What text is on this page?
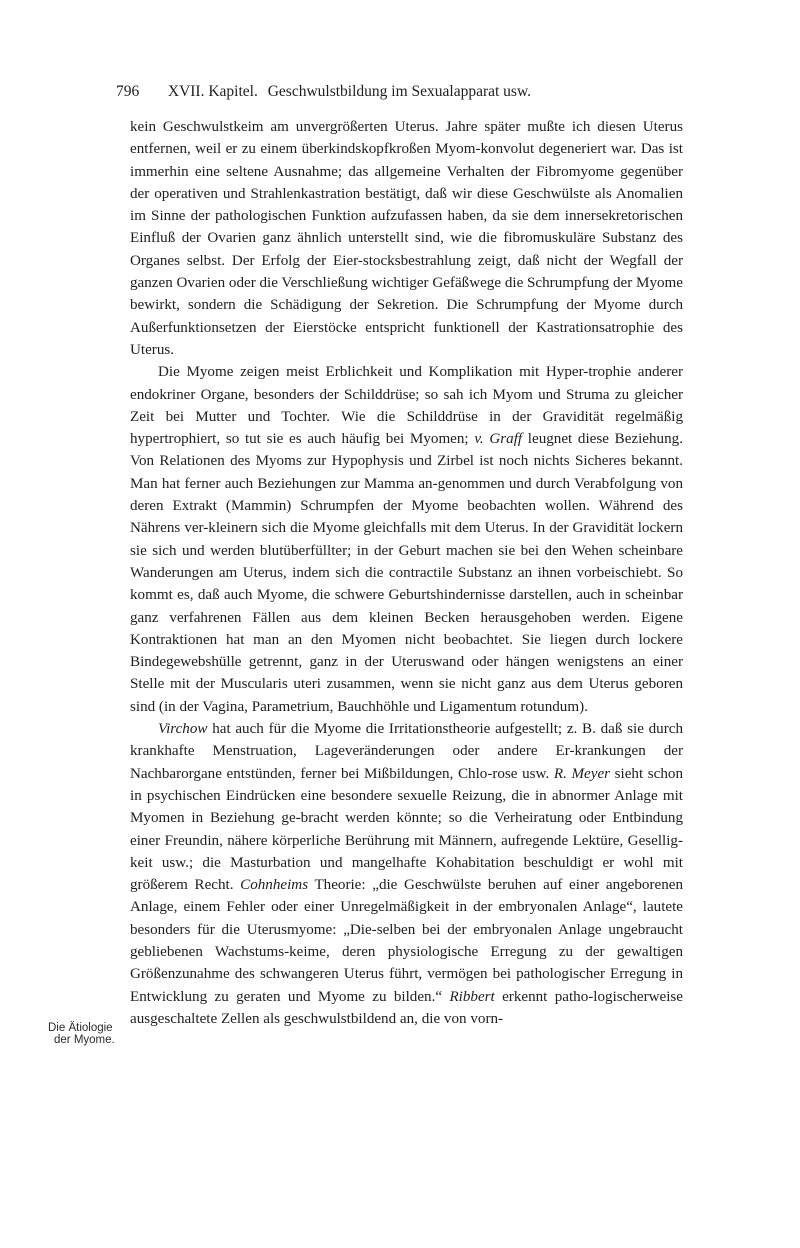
796 XVII. Kapitel. Geschwulstbildung im Sexualapparat usw.
Die Ätiologie
der Myome.

kein Geschwulstkeim am unvergrößerten Uterus. Jahre später mußte ich diesen Uterus entfernen, weil er zu einem überkindskopfkroßen Myom-konvolut degeneriert war. Das ist immerhin eine seltene Ausnahme; das allgemeine Verhalten der Fibromyome gegenüber der operativen und Strahlenkastration bestätigt, daß wir diese Geschwülste als Anomalien im Sinne der pathologischen Funktion aufzufassen haben, da sie dem innersekretorischen Einfluß der Ovarien ganz ähnlich unterstellt sind, wie die fibromuskuläre Substanz des Organes selbst. Der Erfolg der Eier-stocksbestrahlung zeigt, daß nicht der Wegfall der ganzen Ovarien oder die Verschließung wichtiger Gefäßwege die Schrumpfung der Myome bewirkt, sondern die Schädigung der Sekretion. Die Schrumpfung der Myome durch Außerfunktionsetzen der Eierstöcke entspricht funktionell der Kastrationsatrophie des Uterus.

Die Myome zeigen meist Erblichkeit und Komplikation mit Hyper-trophie anderer endokriner Organe, besonders der Schilddrüse; so sah ich Myom und Struma zu gleicher Zeit bei Mutter und Tochter. Wie die Schilddrüse in der Gravidität regelmäßig hypertrophiert, so tut sie es auch häufig bei Myomen; v. Graff leugnet diese Beziehung. Von Relationen des Myoms zur Hypophysis und Zirbel ist noch nichts Sicheres bekannt. Man hat ferner auch Beziehungen zur Mamma an-genommen und durch Verabfolgung von deren Extrakt (Mammin) Schrumpfen der Myome beobachten wollen. Während des Nährens ver-kleinern sich die Myome gleichfalls mit dem Uterus. In der Gravidität lockern sie sich und werden blutüberfüllter; in der Geburt machen sie bei den Wehen scheinbare Wanderungen am Uterus, indem sich die contractile Substanz an ihnen vorbeischiebt. So kommt es, daß auch Myome, die schwere Geburtshindernisse darstellen, auch in scheinbar ganz verfahrenen Fällen aus dem kleinen Becken herausgehoben werden. Eigene Kontraktionen hat man an den Myomen nicht beobachtet. Sie liegen durch lockere Bindegewebshülle getrennt, ganz in der Uteruswand oder hängen wenigstens an einer Stelle mit der Muscularis uteri zusammen, wenn sie nicht ganz aus dem Uterus geboren sind (in der Vagina, Parametrium, Bauchhöhle und Ligamentum rotundum).

Virchow hat auch für die Myome die Irritationstheorie aufgestellt; z. B. daß sie durch krankhafte Menstruation, Lageveränderungen oder andere Er-krankungen der Nachbarorgane entstünden, ferner bei Mißbildungen, Chlo-rose usw. R. Meyer sieht schon in psychischen Eindrücken eine besondere sexuelle Reizung, die in abnormer Anlage mit Myomen in Beziehung ge-bracht werden könnte; so die Verheiratung oder Entbindung einer Freundin, nähere körperliche Berührung mit Männern, aufregende Lektüre, Gesellig-keit usw.; die Masturbation und mangelhafte Kohabitation beschuldigt er wohl mit größerem Recht. Cohnheims Theorie: „die Geschwülste beruhen auf einer angeborenen Anlage, einem Fehler oder einer Unregelmäßigkeit in der embryonalen Anlage“, lautete besonders für die Uterusmyome: „Die-selben bei der embryonalen Anlage ungebraucht gebliebenen Wachstums-keime, deren physiologische Erregung zu der gewaltigen Größenzunahme des schwangeren Uterus führt, vermögen bei pathologischer Erregung in Entwicklung zu geraten und Myome zu bilden.“ Ribbert erkennt patho-logischerweise ausgeschaltete Zellen als geschwulstbildend an, die von vorn-
